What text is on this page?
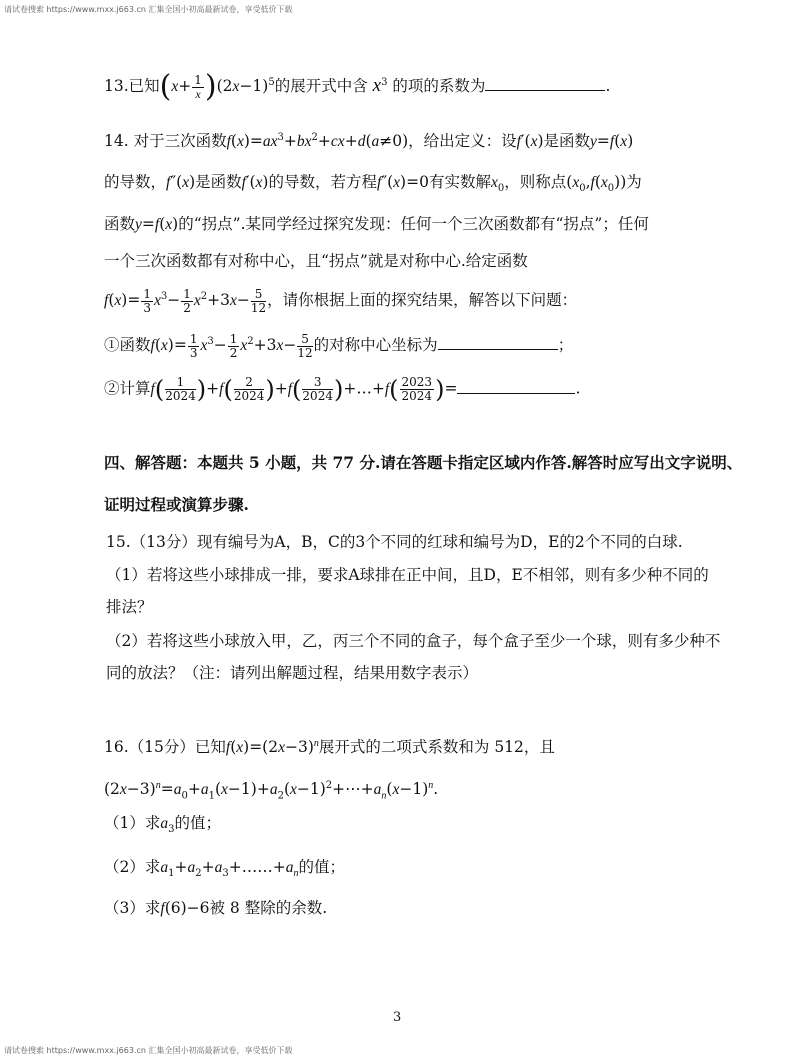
请试卷搜索 https://www.mxx.j663.cn 汇集全国小初高最新试卷，享受低价下载
13.已知$(x+ \frac{1}{x} )(2x-1)^5$的展开式中含 $x^3$ 的项的系数为	.
14. 对于三次函数$f(x)=ax^3+bx^2+cx+d(a\ne 0)$，给出定义：设f′(x)是函数y=f(x)
的导数，f″(x)是函数f′(x)的导数，若方程f″(x)=0有实数解$x_0$，则称点$(x_0,f(x_0))$为
函数y=f(x)的“拐点”.某同学经过探究发现：任何一个三次函数都有“拐点”；任何
一个三次函数都有对称中心，且“拐点”就是对称中心.给定函数
$f(x)= \frac{1}{3} x^3- \frac{1}{2} x^2+3x- \frac{5}{12}$ ，请你根据上面的探究结果，解答以下问题：
①函数$f(x)= \frac{1}{3} x^3- \frac{1}{2} x^2+3x- \frac{5}{12}$ 的对称中心坐标为	；
②计算$f( \frac{1}{2024} )+f( \frac{2}{2024} )+f( \frac{3}{2024}$ )+…+f( $\frac{2023}{2024}$ )=	.
四、解答题：本题共 5 小题，共 77 分.请在答题卡指定区域内作答.解答时应写出文字说明、
证明过程或演算步骤.
15.（13分）现有编号为A，B，C的3个不同的红球和编号为D，E的2个不同的白球.
（1）若将这些小球排成一排，要求A球排在正中间，且D，E不相邻，则有多少种不同的
排法？
（2）若将这些小球放入甲，乙，丙三个不同的盒子，每个盒子至少一个球，则有多少种不
同的放法？（注：请列出解题过程，结果用数字表示）
16.（15分）已知$f(x)=(2x-3)^n$展开式的二项式系数和为 512，且
$(2x-3)^n=a_0+a_1(x-1)+a_2(x-1)^2+\cdots+a_n(x-1)^n$.
（1）求$a_3$的值；
（2）求$a_1+a_2+a_3+\dots\dots+a_n$的值；
（3）求f(6)−6被 8 整除的余数.
3
请试卷搜索 https://www.mxx.j663.cn 汇集全国小初高最新试卷，享受低价下载
